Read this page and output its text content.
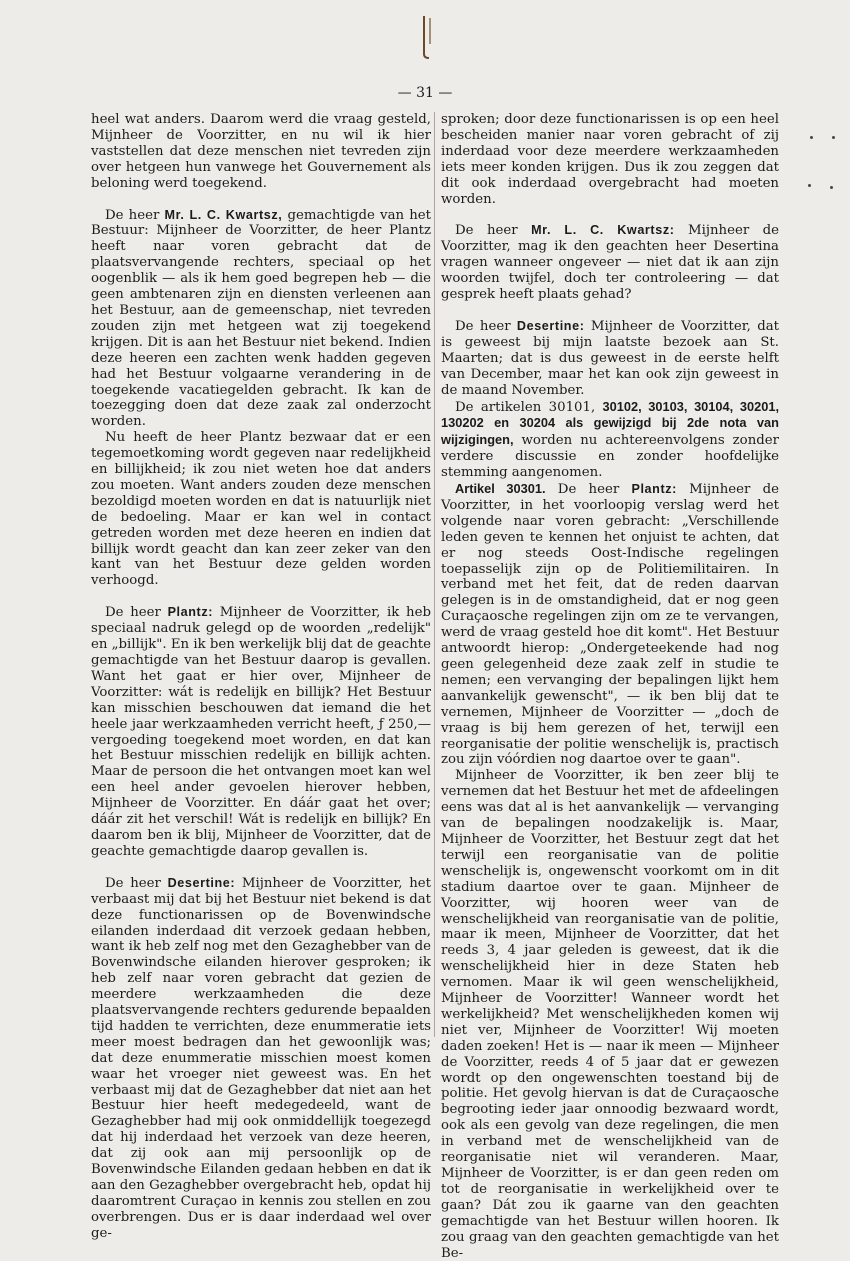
— 31 —

heel wat anders. Daarom werd die vraag gesteld, Mijnheer de Voorzitter, en nu wil ik hier vaststellen dat deze menschen niet tevreden zijn over hetgeen hun vanwege het Gouvernement als beloning werd toegekend.

De heer Mr. L. C. Kwartsz, gemachtigde van het Bestuur: Mijnheer de Voorzitter, de heer Plantz heeft naar voren gebracht dat de plaatsvervangende rechters, speciaal op het oogenblik — als ik hem goed begrepen heb — die geen ambtenaren zijn en diensten verleenen aan het Bestuur, aan de gemeenschap, niet tevreden zouden zijn met hetgeen wat zij toegekend krijgen. Dit is aan het Bestuur niet bekend. Indien deze heeren een zachten wenk hadden gegeven had het Bestuur volgaarne verandering in de toegekende vacatiegelden gebracht. Ik kan de toezegging doen dat deze zaak zal onderzocht worden.

Nu heeft de heer Plantz bezwaar dat er een tegemoetkoming wordt gegeven naar redelijkheid en billijkheid; ik zou niet weten hoe dat anders zou moeten. Want anders zouden deze menschen bezoldigd moeten worden en dat is natuurlijk niet de bedoeling. Maar er kan wel in contact getreden worden met deze heeren en indien dat billijk wordt geacht dan kan zeer zeker van den kant van het Bestuur deze gelden worden verhoogd.

De heer Plantz: Mijnheer de Voorzitter, ik heb speciaal nadruk gelegd op de woorden „redelijk" en „billijk". En ik ben werkelijk blij dat de geachte gemachtigde van het Bestuur daarop is gevallen. Want het gaat er hier over, Mijnheer de Voorzitter: wát is redelijk en billijk? Het Bestuur kan misschien beschouwen dat iemand die het heele jaar werkzaamheden verricht heeft, ƒ 250,— vergoeding toegekend moet worden, en dat kan het Bestuur misschien redelijk en billijk achten. Maar de persoon die het ontvangen moet kan wel een heel ander gevoelen hierover hebben, Mijnheer de Voorzitter. En dáár gaat het over; dáár zit het verschil! Wát is redelijk en billijk? En daarom ben ik blij, Mijnheer de Voorzitter, dat de geachte gemachtigde daarop gevallen is.

De heer Desertine: Mijnheer de Voorzitter, het verbaast mij dat bij het Bestuur niet bekend is dat deze functionarissen op de Bovenwindsche eilanden inderdaad dit verzoek gedaan hebben, want ik heb zelf nog met den Gezaghebber van de Bovenwindsche eilanden hierover gesproken; ik heb zelf naar voren gebracht dat gezien de meerdere werkzaamheden die deze plaatsvervangende rechters gedurende bepaalden tijd hadden te verrichten, deze enummeratie iets meer moest bedragen dan het gewoonlijk was; dat deze enummeratie misschien moest komen waar het vroeger niet geweest was. En het verbaast mij dat de Gezaghebber dat niet aan het Bestuur hier heeft medegedeeld, want de Gezaghebber had mij ook onmiddellijk toegezegd dat hij inderdaad het verzoek van deze heeren, dat zij ook aan mij persoonlijk op de Bovenwindsche Eilanden gedaan hebben en dat ik aan den Gezaghebber overgebracht heb, opdat hij daaromtrent Curaçao in kennis zou stellen en zou overbrengen. Dus er is daar inderdaad wel over ge-

sproken; door deze functionarissen is op een heel bescheiden manier naar voren gebracht of zij inderdaad voor deze meerdere werkzaamheden iets meer konden krijgen. Dus ik zou zeggen dat dit ook inderdaad overgebracht had moeten worden.

De heer Mr. L. C. Kwartsz: Mijnheer de Voorzitter, mag ik den geachten heer Desertina vragen wanneer ongeveer — niet dat ik aan zijn woorden twijfel, doch ter controleering — dat gesprek heeft plaats gehad?

De heer Desertine: Mijnheer de Voorzitter, dat is geweest bij mijn laatste bezoek aan St. Maarten; dat is dus geweest in de eerste helft van December, maar het kan ook zijn geweest in de maand November.

De artikelen 30101, 30102, 30103, 30104, 30201, 130202 en 30204 als gewijzigd bij 2de nota van wijzigingen, worden nu achtereenvolgens zonder verdere discussie en zonder hoofdelijke stemming aangenomen.

Artikel 30301. De heer Plantz: Mijnheer de Voorzitter, in het voorloopig verslag werd het volgende naar voren gebracht: „Verschillende leden geven te kennen het onjuist te achten, dat er nog steeds Oost-Indische regelingen toepasselijk zijn op de Politiemilitairen. In verband met het feit, dat de reden daarvan gelegen is in de omstandigheid, dat er nog geen Curaçaosche regelingen zijn om ze te vervangen, werd de vraag gesteld hoe dit komt". Het Bestuur antwoordt hierop: „Ondergeteekende had nog geen gelegenheid deze zaak zelf in studie te nemen; een vervanging der bepalingen lijkt hem aanvankelijk gewenscht", — ik ben blij dat te vernemen, Mijnheer de Voorzitter — „doch de vraag is bij hem gerezen of het, terwijl een reorganisatie der politie wenschelijk is, practisch zou zijn vóórdien nog daartoe over te gaan".

Mijnheer de Voorzitter, ik ben zeer blij te vernemen dat het Bestuur het met de afdeelingen eens was dat al is het aanvankelijk — vervanging van de bepalingen noodzakelijk is. Maar, Mijnheer de Voorzitter, het Bestuur zegt dat het terwijl een reorganisatie van de politie wenschelijk is, ongewenscht voorkomt om in dit stadium daartoe over te gaan. Mijnheer de Voorzitter, wij hooren weer van de wenschelijkheid van reorganisatie van de politie, maar ik meen, Mijnheer de Voorzitter, dat het reeds 3, 4 jaar geleden is geweest, dat ik die wenschelijkheid hier in deze Staten heb vernomen. Maar ik wil geen wenschelijkheid, Mijnheer de Voorzitter! Wanneer wordt het werkelijkheid? Met wenschelijkheden komen wij niet ver, Mijnheer de Voorzitter! Wij moeten daden zoeken! Het is — naar ik meen — Mijnheer de Voorzitter, reeds 4 of 5 jaar dat er gewezen wordt op den ongewenschten toestand bij de politie. Het gevolg hiervan is dat de Curaçaosche begrooting ieder jaar onnoodig bezwaard wordt, ook als een gevolg van deze regelingen, die men in verband met de wenschelijkheid van de reorganisatie niet wil veranderen. Maar, Mijnheer de Voorzitter, is er dan geen reden om tot de reorganisatie in werkelijkheid over te gaan? Dát zou ik gaarne van den geachten gemachtigde van het Bestuur willen hooren. Ik zou graag van den geachten gemachtigde van het Be-
